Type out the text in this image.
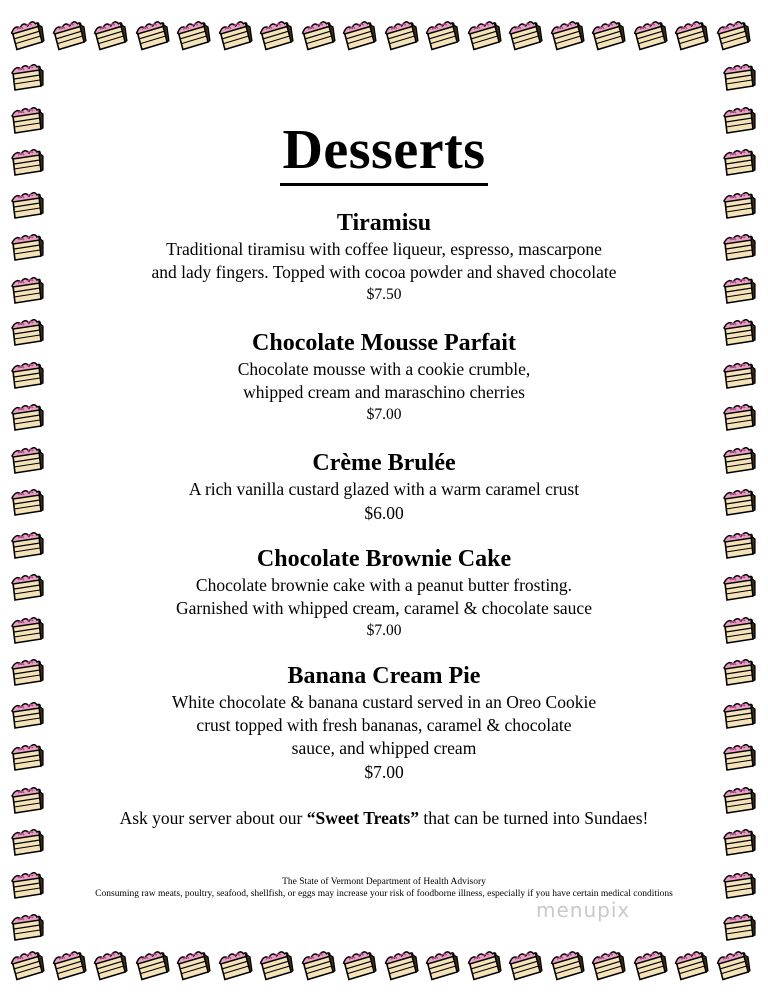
Desserts
Tiramisu
Traditional tiramisu with coffee liqueur, espresso, mascarpone
and lady fingers. Topped with cocoa powder and shaved chocolate
$7.50
Chocolate Mousse Parfait
Chocolate mousse with a cookie crumble,
whipped cream and maraschino cherries
$7.00
Crème Brulée
A rich vanilla custard glazed with a warm caramel crust
$6.00
Chocolate Brownie Cake
Chocolate brownie cake with a peanut butter frosting.
Garnished with whipped cream, caramel & chocolate sauce
$7.00
Banana Cream Pie
White chocolate & banana custard served in an Oreo Cookie
crust topped with fresh bananas, caramel & chocolate
sauce, and whipped cream
$7.00
Ask your server about our “Sweet Treats” that can be turned into Sundaes!
The State of Vermont Department of Health Advisory
Consuming raw meats, poultry, seafood, shellfish, or eggs may increase your risk of foodborne illness, especially if you have certain medical conditions
menupix
